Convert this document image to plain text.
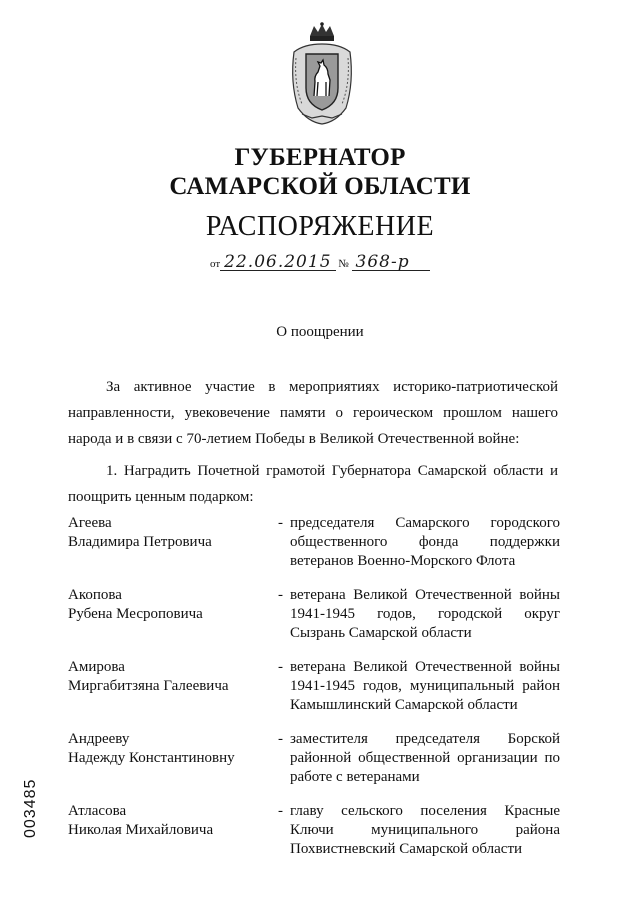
ГУБЕРНАТОР
САМАРСКОЙ ОБЛАСТИ
РАСПОРЯЖЕНИЕ
от 22.06.2015 № 368-р
О поощрении
За активное участие в мероприятиях историко-патриотической направленности, увековечение памяти о героическом прошлом нашего народа и в связи с 70-летием Победы в Великой Отечественной войне:
1. Наградить Почетной грамотой Губернатора Самарской области и поощрить ценным подарком:
Агеева
Владимира Петровича
- председателя Самарского городского общественного фонда поддержки ветеранов Военно-Морского Флота
Акопова
Рубена Месроповича
- ветерана Великой Отечественной войны 1941-1945 годов, городской округ Сызрань Самарской области
Амирова
Миргабитзяна Галеевича
- ветерана Великой Отечественной войны 1941-1945 годов, муниципальный район Камышлинский Самарской области
Андрееву
Надежду Константиновну
- заместителя председателя Борской районной общественной организации по работе с ветеранами
Атласова
Николая Михайловича
- главу сельского поселения Красные Ключи муниципального района Похвистневский Самарской области
003485
